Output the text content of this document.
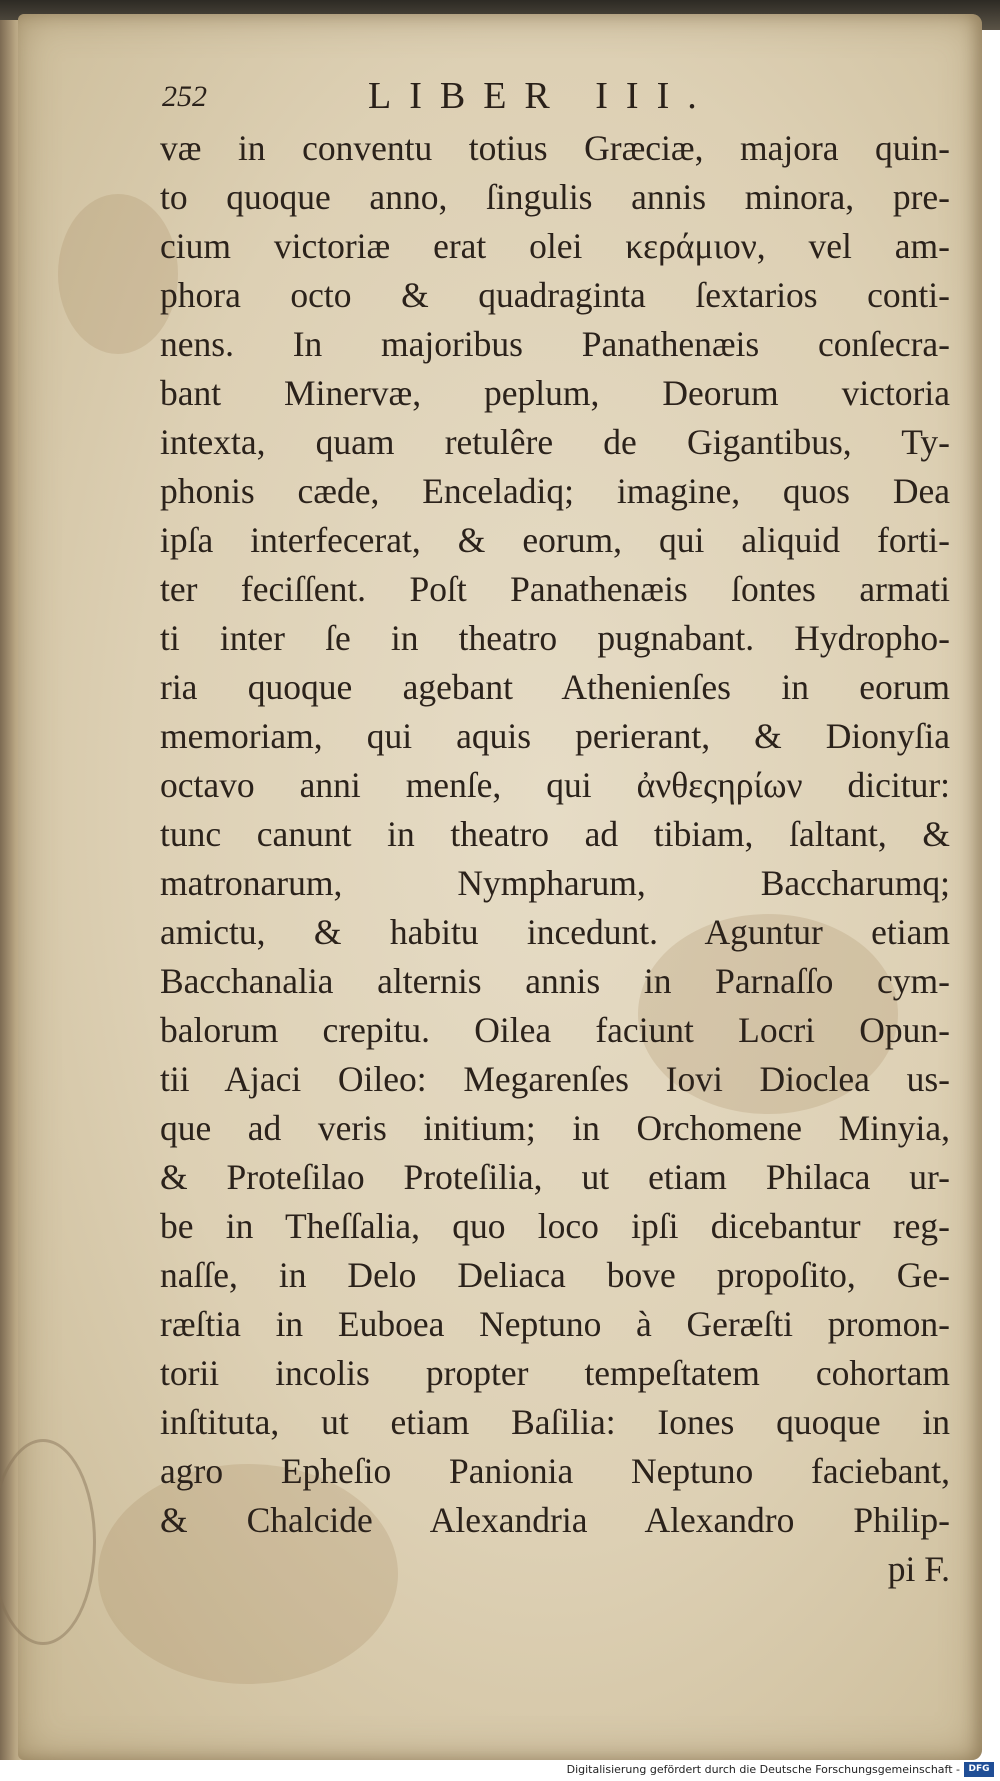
252	LIBER III.
væ in conventu totius Græciæ, majora quin-
to quoque anno, ſingulis annis minora, pre-
cium victoriæ erat olei κεράμιον, vel am-
phora octo & quadraginta ſextarios conti-
nens. In majoribus Panathenæis conſecra-
bant Minervæ, peplum, Deorum victoria
intexta, quam retulêre de Gigantibus, Ty-
phonis cæde, Enceladiq; imagine, quos Dea
ipſa interfecerat, & eorum, qui aliquid forti-
ter feciſſent. Poſt Panathenæis ſontes armati
ti inter ſe in theatro pugnabant. Hydropho-
ria quoque agebant Athenienſes in eorum
memoriam, qui aquis perierant, & Dionyſia
octavo anni menſe, qui ἀνθεςηρίων dicitur:
tunc canunt in theatro ad tibiam, ſaltant, &
matronarum, Nympharum, Baccharumq;
amictu, & habitu incedunt. Aguntur etiam
Bacchanalia alternis annis in Parnaſſo cym-
balorum crepitu. Oilea faciunt Locri Opun-
tii Ajaci Oileo: Megarenſes Iovi Dioclea us-
que ad veris initium; in Orchomene Minyia,
& Proteſilao Proteſilia, ut etiam Philaca ur-
be in Theſſalia, quo loco ipſi dicebantur reg-
naſſe, in Delo Deliaca bove propoſito, Ge-
ræſtia in Euboea Neptuno à Geræſti promon-
torii incolis propter tempeſtatem cohortam
inſtituta, ut etiam Baſilia: Iones quoque in
agro Epheſio Panionia Neptuno faciebant,
& Chalcide Alexandria Alexandro Philip-
pi F.
Digitalisierung gefördert durch die Deutsche Forschungsgemeinschaft - DFG
